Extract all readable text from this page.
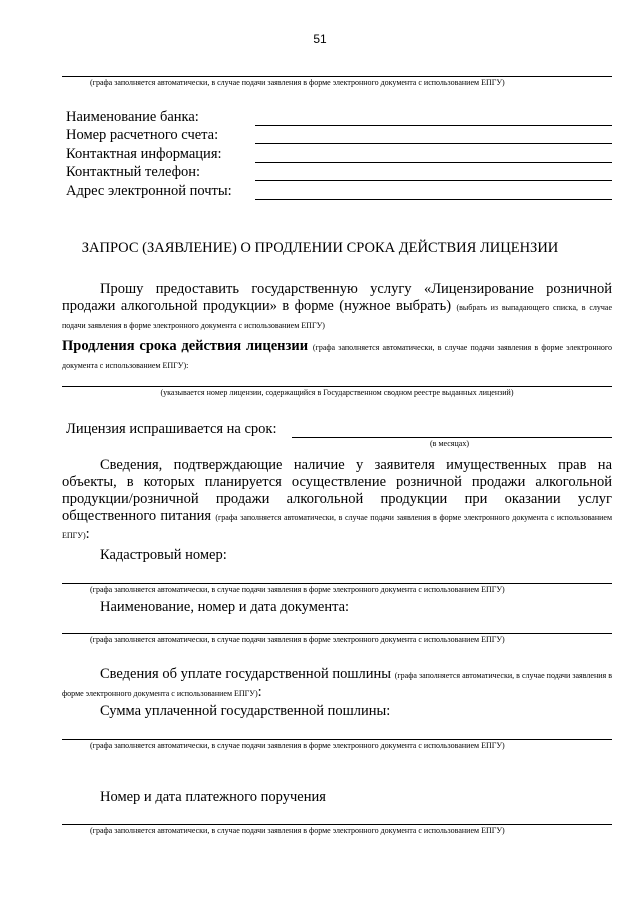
51
(графа заполняется автоматически, в случае подачи заявления в форме электронного документа с использованием ЕПГУ)
Наименование банка:
Номер расчетного счета:
Контактная информация:
Контактный телефон:
Адрес электронной почты:
ЗАПРОС (ЗАЯВЛЕНИЕ) О ПРОДЛЕНИИ СРОКА ДЕЙСТВИЯ ЛИЦЕНЗИИ
Прошу предоставить государственную услугу «Лицензирование розничной продажи алкогольной продукции» в форме (нужное выбрать) (выбрать из выпадающего списка, в случае подачи заявления в форме электронного документа с использованием ЕПГУ)
Продления срока действия лицензии (графа заполняется автоматически, в случае подачи заявления в форме электронного документа с использованием ЕПГУ):
(указывается номер лицензии, содержащийся в Государственном сводном реестре выданных лицензий)
Лицензия испрашивается на срок:
(в месяцах)
Сведения, подтверждающие наличие у заявителя имущественных прав на объекты, в которых планируется осуществление розничной продажи алкогольной продукции/розничной продажи алкогольной продукции при оказании услуг общественного питания (графа заполняется автоматически, в случае подачи заявления в форме электронного документа с использованием ЕПГУ):
Кадастровый номер:
(графа заполняется автоматически, в случае подачи заявления в форме электронного документа с использованием ЕПГУ)
Наименование, номер и дата документа:
(графа заполняется автоматически, в случае подачи заявления в форме электронного документа с использованием ЕПГУ)
Сведения об уплате государственной пошлины (графа заполняется автоматически, в случае подачи заявления в форме электронного документа с использованием ЕПГУ):
Сумма уплаченной государственной пошлины:
(графа заполняется автоматически, в случае подачи заявления в форме электронного документа с использованием ЕПГУ)
Номер и дата платежного поручения
(графа заполняется автоматически, в случае подачи заявления в форме электронного документа с использованием ЕПГУ)
